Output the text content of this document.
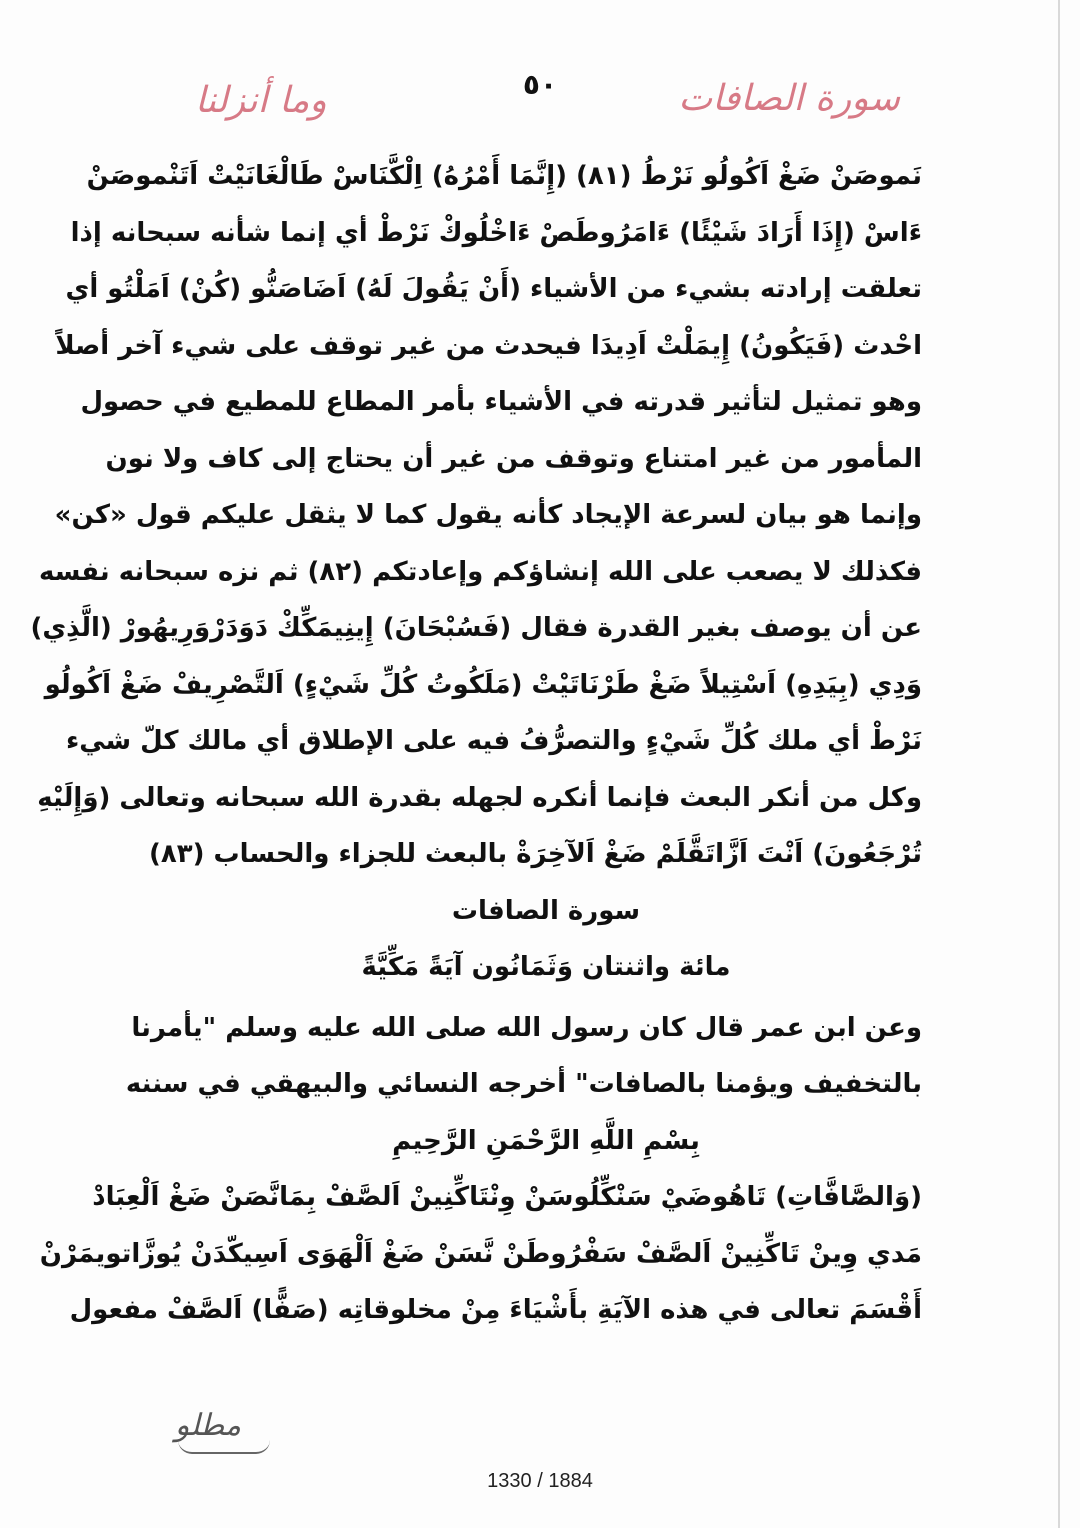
سورة الصافات
٥٠
وما أنزلنا
نَموصَنْ ضَغْ اَكُولُو نَرْطُ (٨١) (إِنَّمَا أَمْرُهُ) اِلْكَّنَاسْ طَالْغَانَيْتْ اَتَنْموصَنْ
ءَاسْ (إِذَا أَرَادَ شَيْئًا) ءَامَرُوطَصْ ءَاخْلُوكْ نَرْطْ أي إنما شأنه سبحانه إذا
تعلقت إرادته بشيء من الأشياء (أَنْ يَقُولَ لَهُ) اَضَاصَنُّو (كُنْ) اَمَلْتُو أي
احْدث (فَيَكُونُ) إِيمَلْتْ اَدِيدَا فيحدث من غير توقف على شيء آخر أصلاً
وهو تمثيل لتأثير قدرته في الأشياء بأمر المطاع للمطيع في حصول
المأمور من غير امتناع وتوقف من غير أن يحتاج إلى كاف ولا نون
وإنما هو بيان لسرعة الإيجاد كأنه يقول كما لا يثقل عليكم قول «كن»
فكذلك لا يصعب على الله إنشاؤكم وإعادتكم (٨٢) ثم نزه سبحانه نفسه
عن أن يوصف بغير القدرة فقال (فَسُبْحَانَ) إِينِيمَكِّكْ دَوَدَرْوَرِيهُورْ (الَّذِي)
وَدِي (بِيَدِهِ) اَسْتِيلاً ضَغْ طَرْنَاتَيْتْ (مَلَكُوتُ كُلِّ شَيْءٍ) اَلتَّصْرِيفْ ضَغْ اَكُولُو
نَرْطْ أي ملك كُلِّ شَيْءٍ والتصرُّفُ فيه على الإطلاق أي مالك كلّ شيء
وكل من أنكر البعث فإنما أنكره لجهله بقدرة الله سبحانه وتعالى (وَإِلَيْهِ
تُرْجَعُونَ) اَنْتَ اَزَّاتَقَّلَمْ ضَغْ اَلآخِرَةْ بالبعث للجزاء والحساب (٨٣)
سورة الصافات
مائة واثنتان وَثَمَانُون آيَةً مَكِّيَّةً
وعن ابن عمر قال كان رسول الله صلى الله عليه وسلم "يأمرنا
بالتخفيف ويؤمنا بالصافات" أخرجه النسائي والبيهقي في سننه
بِسْمِ اللَّهِ الرَّحْمَنِ الرَّحِيمِ
(وَالصَّافَّاتِ) تَاهُوضَيْ سَنْكِّلُوسَنْ وِنْتَاكِّنِينْ اَلصَّفْ بِمَانَّصَنْ ضَغْ اَلْعِبَادْ
مَدي وِينْ تَاكِّنِينْ اَلصَّفْ سَفْرُوطَنْ نَّسَنْ ضَغْ اَلْهَوَى اَسِيكّدَنْ يُوزَّاتويمَرْنْ
أَقْسَمَ تعالى في هذه الآيَةِ بأَشْيَاءَ مِنْ مخلوقاتِه (صَفًّا) اَلصَّفْ مفعول
مطلو
1330 / 1884
